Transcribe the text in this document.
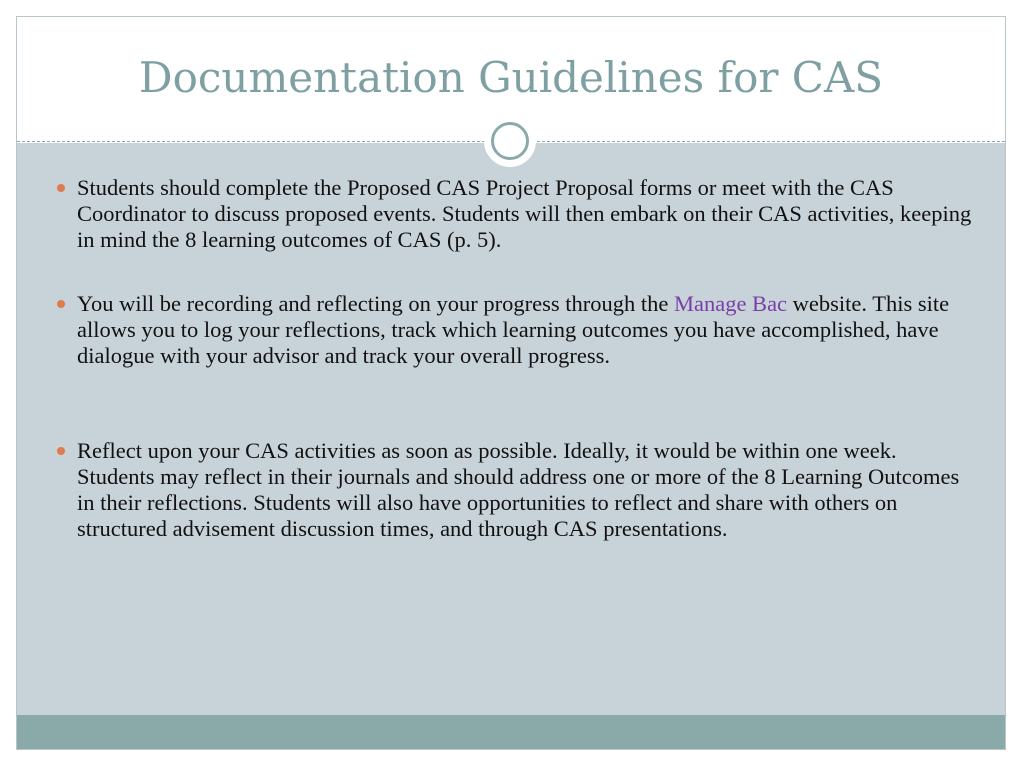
Documentation Guidelines for CAS
Students should complete the Proposed CAS Project Proposal forms or meet with the CAS Coordinator to discuss proposed events. Students will then embark on their CAS activities, keeping in mind the 8 learning outcomes of CAS (p. 5).
You will be recording and reflecting on your progress through the Manage Bac website. This site allows you to log your reflections, track which learning outcomes you have accomplished, have dialogue with your advisor and track your overall progress.
Reflect upon your CAS activities as soon as possible. Ideally, it would be within one week. Students may reflect in their journals and should address one or more of the 8 Learning Outcomes in their reflections. Students will also have opportunities to reflect and share with others on structured advisement discussion times, and through CAS presentations.
